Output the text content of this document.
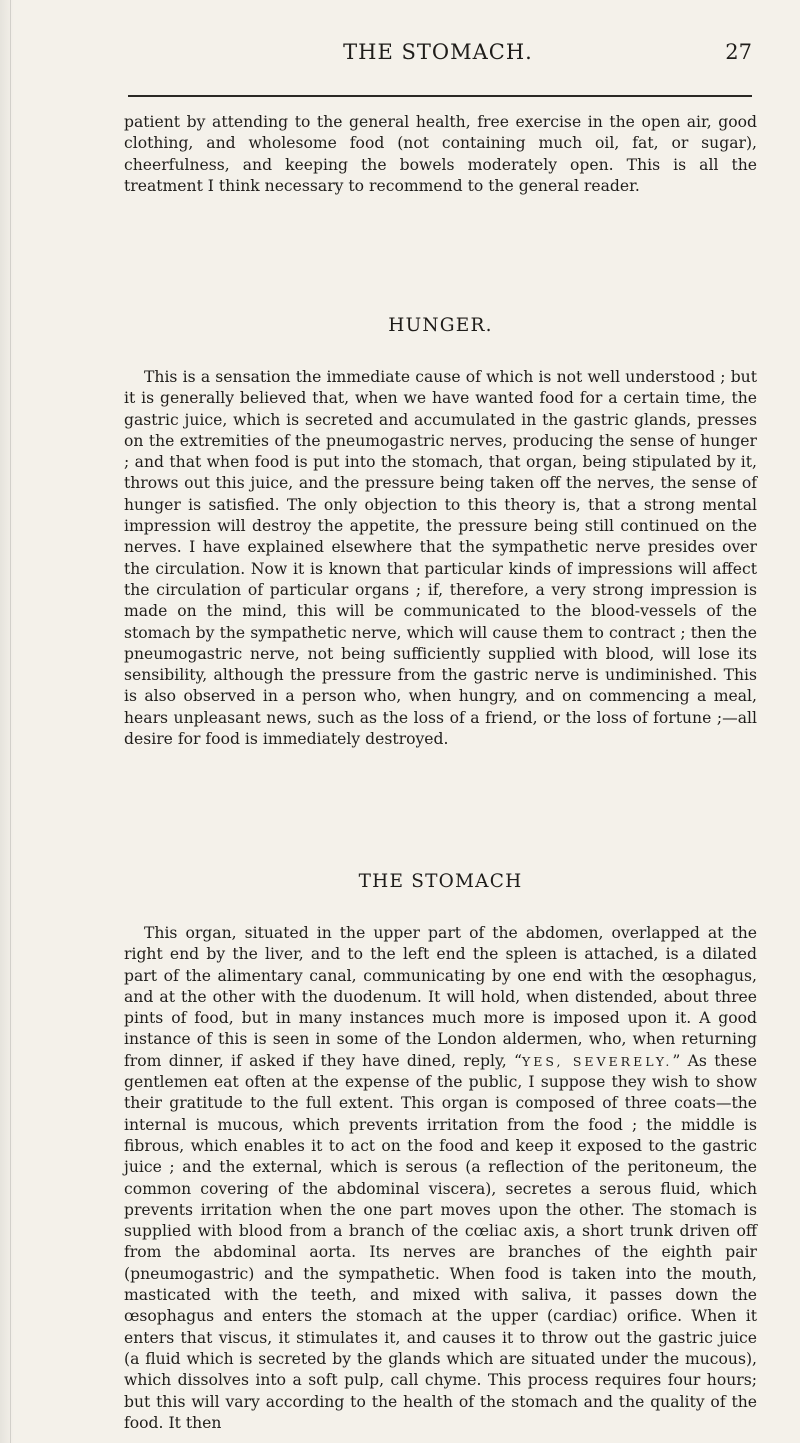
THE STOMACH.	27
patient by attending to the general health, free exercise in the open air, good clothing, and wholesome food (not containing much oil, fat, or sugar), cheerfulness, and keeping the bowels moderately open. This is all the treatment I think necessary to recommend to the general reader.
HUNGER.
This is a sensation the immediate cause of which is not well understood ; but it is generally believed that, when we have wanted food for a certain time, the gastric juice, which is secreted and accumulated in the gastric glands, presses on the extremities of the pneumogastric nerves, producing the sense of hunger ; and that when food is put into the stomach, that organ, being stipulated by it, throws out this juice, and the pressure being taken off the nerves, the sense of hunger is satisfied. The only objection to this theory is, that a strong mental impression will destroy the appetite, the pressure being still continued on the nerves. I have explained elsewhere that the sympathetic nerve presides over the circulation. Now it is known that particular kinds of impressions will affect the circulation of particular organs ; if, therefore, a very strong impression is made on the mind, this will be communicated to the blood-vessels of the stomach by the sympathetic nerve, which will cause them to contract ; then the pneumogastric nerve, not being sufficiently supplied with blood, will lose its sensibility, although the pressure from the gastric nerve is undiminished. This is also observed in a person who, when hungry, and on commencing a meal, hears unpleasant news, such as the loss of a friend, or the loss of fortune ;—all desire for food is immediately destroyed.
THE STOMACH
This organ, situated in the upper part of the abdomen, overlapped at the right end by the liver, and to the left end the spleen is attached, is a dilated part of the alimentary canal, communicating by one end with the œsophagus, and at the other with the duodenum. It will hold, when distended, about three pints of food, but in many instances much more is imposed upon it. A good instance of this is seen in some of the London aldermen, who, when returning from dinner, if asked if they have dined, reply, “YES, SEVERELY.” As these gentlemen eat often at the expense of the public, I suppose they wish to show their gratitude to the full extent. This organ is composed of three coats—the internal is mucous, which prevents irritation from the food ; the middle is fibrous, which enables it to act on the food and keep it exposed to the gastric juice ; and the external, which is serous (a reflection of the peritoneum, the common covering of the abdominal viscera), secretes a serous fluid, which prevents irritation when the one part moves upon the other. The stomach is supplied with blood from a branch of the cœliac axis, a short trunk driven off from the abdominal aorta. Its nerves are branches of the eighth pair (pneumogastric) and the sympathetic. When food is taken into the mouth, masticated with the teeth, and mixed with saliva, it passes down the œsophagus and enters the stomach at the upper (cardiac) orifice. When it enters that viscus, it stimulates it, and causes it to throw out the gastric juice (a fluid which is secreted by the glands which are situated under the mucous), which dissolves into a soft pulp, call chyme. This process requires four hours; but this will vary according to the health of the stomach and the quality of the food. It then
